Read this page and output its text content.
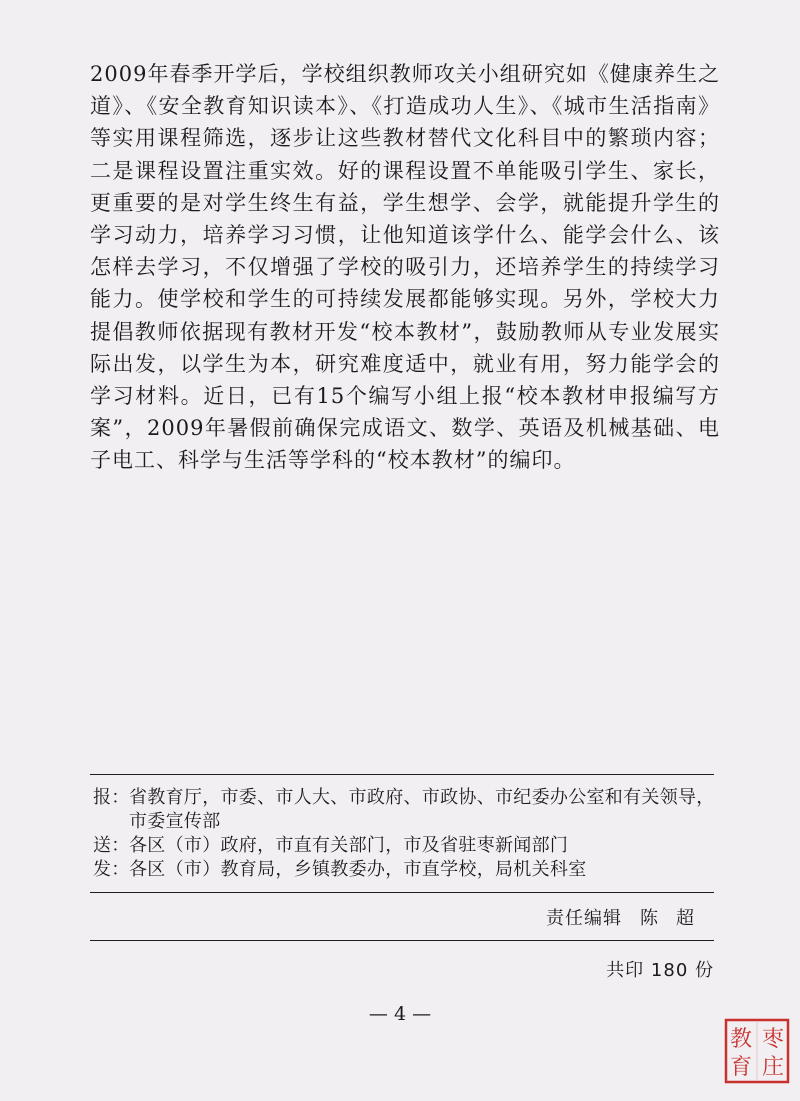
2009年春季开学后，学校组织教师攻关小组研究如《健康养生之道》、《安全教育知识读本》、《打造成功人生》、《城市生活指南》等实用课程筛选，逐步让这些教材替代文化科目中的繁琐内容；二是课程设置注重实效。好的课程设置不单能吸引学生、家长，更重要的是对学生终生有益，学生想学、会学，就能提升学生的学习动力，培养学习习惯，让他知道该学什么、能学会什么、该怎样去学习，不仅增强了学校的吸引力，还培养学生的持续学习能力。使学校和学生的可持续发展都能够实现。另外，学校大力提倡教师依据现有教材开发“校本教材”，鼓励教师从专业发展实际出发，以学生为本，研究难度适中，就业有用，努力能学会的学习材料。近日，已有15个编写小组上报“校本教材申报编写方案”，2009年暑假前确保完成语文、数学、英语及机械基础、电子电工、科学与生活等学科的“校本教材”的编印。

报： 省教育厅，市委、市人大、市政府、市政协、市纪委办公室和有关领导，市委宣传部
送： 各区（市）政府，市直有关部门，市及省驻枣新闻部门
发： 各区（市）教育局，乡镇教委办，市直学校，局机关科室
责任编辑 陈超
共印 180 份
— 4 —
枣
庄
教
育
